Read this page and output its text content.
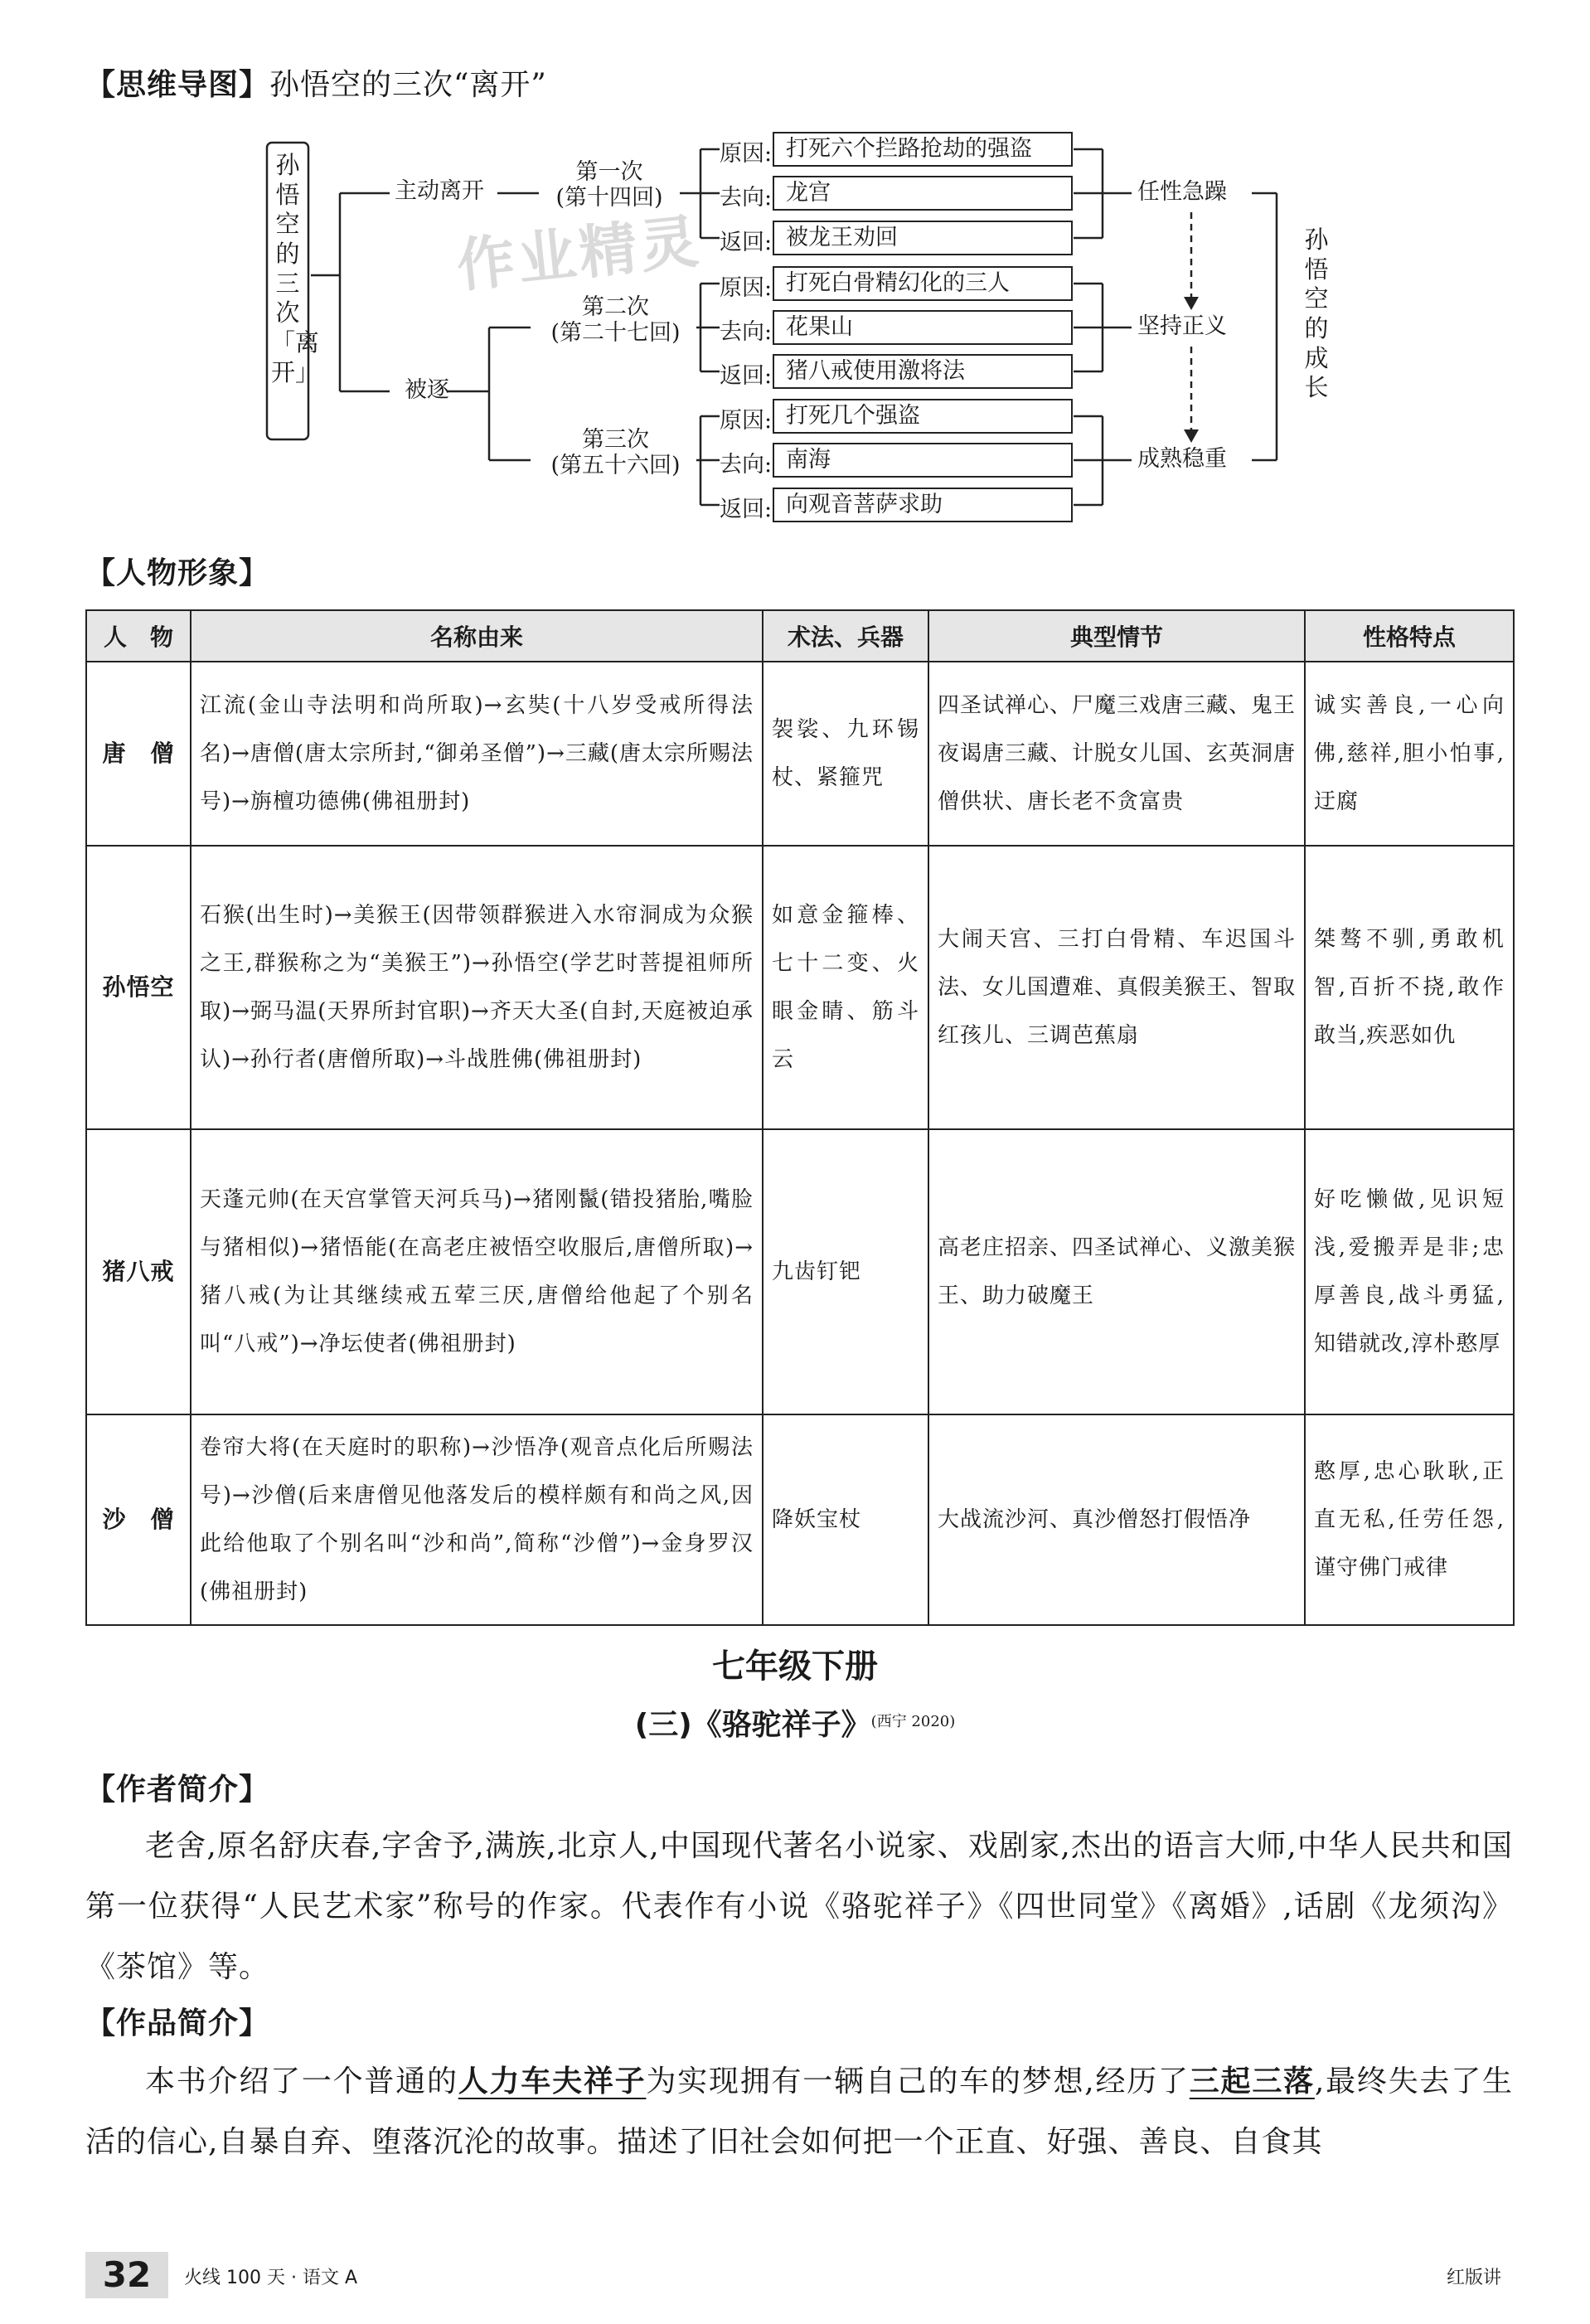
【思维导图】孙悟空的三次“离开”
作业精灵
孙悟空的三次「离开」
主动离开
被逐
第一次
(第十四回)
第二次
(第二十七回)
第三次
(第五十六回)
原因: 打死六个拦路抢劫的强盗
去向: 龙宫
返回: 被龙王劝回
任性急躁
原因: 打死白骨精幻化的三人
去向: 花果山
返回: 猪八戒使用激将法
坚持正义
原因: 打死几个强盗
去向: 南海
返回: 向观音菩萨求助
成熟稳重
孙悟空的成长
【人物形象】
人　物	名称由来	术法、兵器	典型情节	性格特点
唐　僧	江流(金山寺法明和尚所取)→玄奘(十八岁受戒所得法名)→唐僧(唐太宗所封,“御弟圣僧”)→三藏(唐太宗所赐法号)→旃檀功德佛(佛祖册封)	袈裟、九环锡杖、紧箍咒	四圣试禅心、尸魔三戏唐三藏、鬼王夜谒唐三藏、计脱女儿国、玄英洞唐僧供状、唐长老不贪富贵	诚实善良,一心向佛,慈祥,胆小怕事,迂腐
孙悟空	石猴(出生时)→美猴王(因带领群猴进入水帘洞成为众猴之王,群猴称之为“美猴王”)→孙悟空(学艺时菩提祖师所取)→弼马温(天界所封官职)→齐天大圣(自封,天庭被迫承认)→孙行者(唐僧所取)→斗战胜佛(佛祖册封)	如意金箍棒、七十二变、火眼金睛、筋斗云	大闹天宫、三打白骨精、车迟国斗法、女儿国遭难、真假美猴王、智取红孩儿、三调芭蕉扇	桀骜不驯,勇敢机智,百折不挠,敢作敢当,疾恶如仇
猪八戒	天蓬元帅(在天宫掌管天河兵马)→猪刚鬣(错投猪胎,嘴脸与猪相似)→猪悟能(在高老庄被悟空收服后,唐僧所取)→猪八戒(为让其继续戒五荤三厌,唐僧给他起了个别名叫“八戒”)→净坛使者(佛祖册封)	九齿钉钯	高老庄招亲、四圣试禅心、义激美猴王、助力破魔王	好吃懒做,见识短浅,爱搬弄是非;忠厚善良,战斗勇猛,知错就改,淳朴憨厚
沙　僧	卷帘大将(在天庭时的职称)→沙悟净(观音点化后所赐法号)→沙僧(后来唐僧见他落发后的模样颇有和尚之风,因此给他取了个别名叫“沙和尚”,简称“沙僧”)→金身罗汉(佛祖册封)	降妖宝杖	大战流沙河、真沙僧怒打假悟净	憨厚,忠心耿耿,正直无私,任劳任怨,谨守佛门戒律
七年级下册
(三)《骆驼祥子》$^{(西宁 2020)}$
【作者简介】
老舍,原名舒庆春,字舍予,满族,北京人,中国现代著名小说家、戏剧家,杰出的语言大师,中华人民共和国第一位获得“人民艺术家”称号的作家。代表作有小说《骆驼祥子》《四世同堂》《离婚》,话剧《龙须沟》《茶馆》等。
【作品简介】
本书介绍了一个普通的人力车夫祥子为实现拥有一辆自己的车的梦想,经历了三起三落,最终失去了生活的信心,自暴自弃、堕落沉沦的故事。描述了旧社会如何把一个正直、好强、善良、自食其
32	火线 100 天 · 语文 A	红版讲
